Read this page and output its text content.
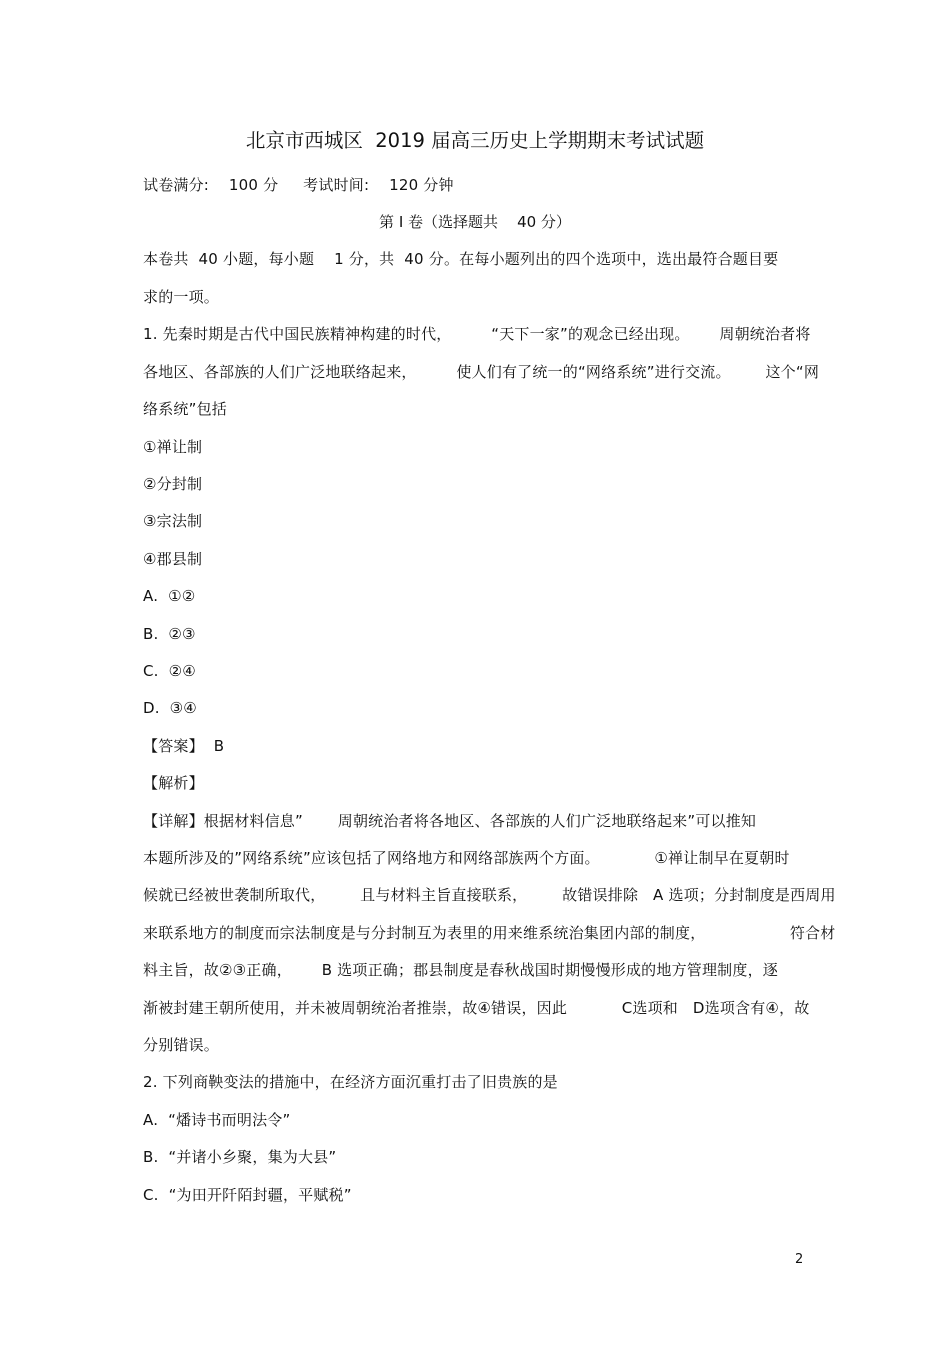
北京市西城区  2019 届高三历史上学期期末考试试题
试卷满分:    100 分     考试时间:    120 分钟
第 Ⅰ 卷（选择题共    40 分）
本卷共  40 小题，每小题    1 分，共  40 分。在每小题列出的四个选项中，选出最符合题目要
求的一项。
1. 先秦时期是古代中国民族精神构建的时代，        “天下一家”的观念已经出现。      周朝统治者将
各地区、各部族的人们广泛地联络起来，        使人们有了统一的“网络系统”进行交流。       这个“网
络系统”包括
①禅让制
②分封制
③宗法制
④郡县制
A.  ①②
B.  ②③
C.  ②④
D.  ③④
【答案】  B
【解析】
【详解】根据材料信息”       周朝统治者将各地区、各部族的人们广泛地联络起来”可以推知
本题所涉及的”网络系统”应该包括了网络地方和网络部族两个方面。           ①禅让制早在夏朝时
候就已经被世袭制所取代，       且与材料主旨直接联系，       故错误排除   A 选项；分封制度是西周用
来联系地方的制度而宗法制度是与分封制互为表里的用来维系统治集团内部的制度，                 符合材
料主旨，故②③正确，      B 选项正确；郡县制度是春秋战国时期慢慢形成的地方管理制度，逐
渐被封建王朝所使用，并未被周朝统治者推崇，故④错误，因此           C选项和   D选项含有④，故
分别错误。
2. 下列商鞅变法的措施中，在经济方面沉重打击了旧贵族的是
A.  “燔诗书而明法令”
B.  “并诸小乡聚，集为大县”
C.  “为田开阡陌封疆，平赋税”
2
